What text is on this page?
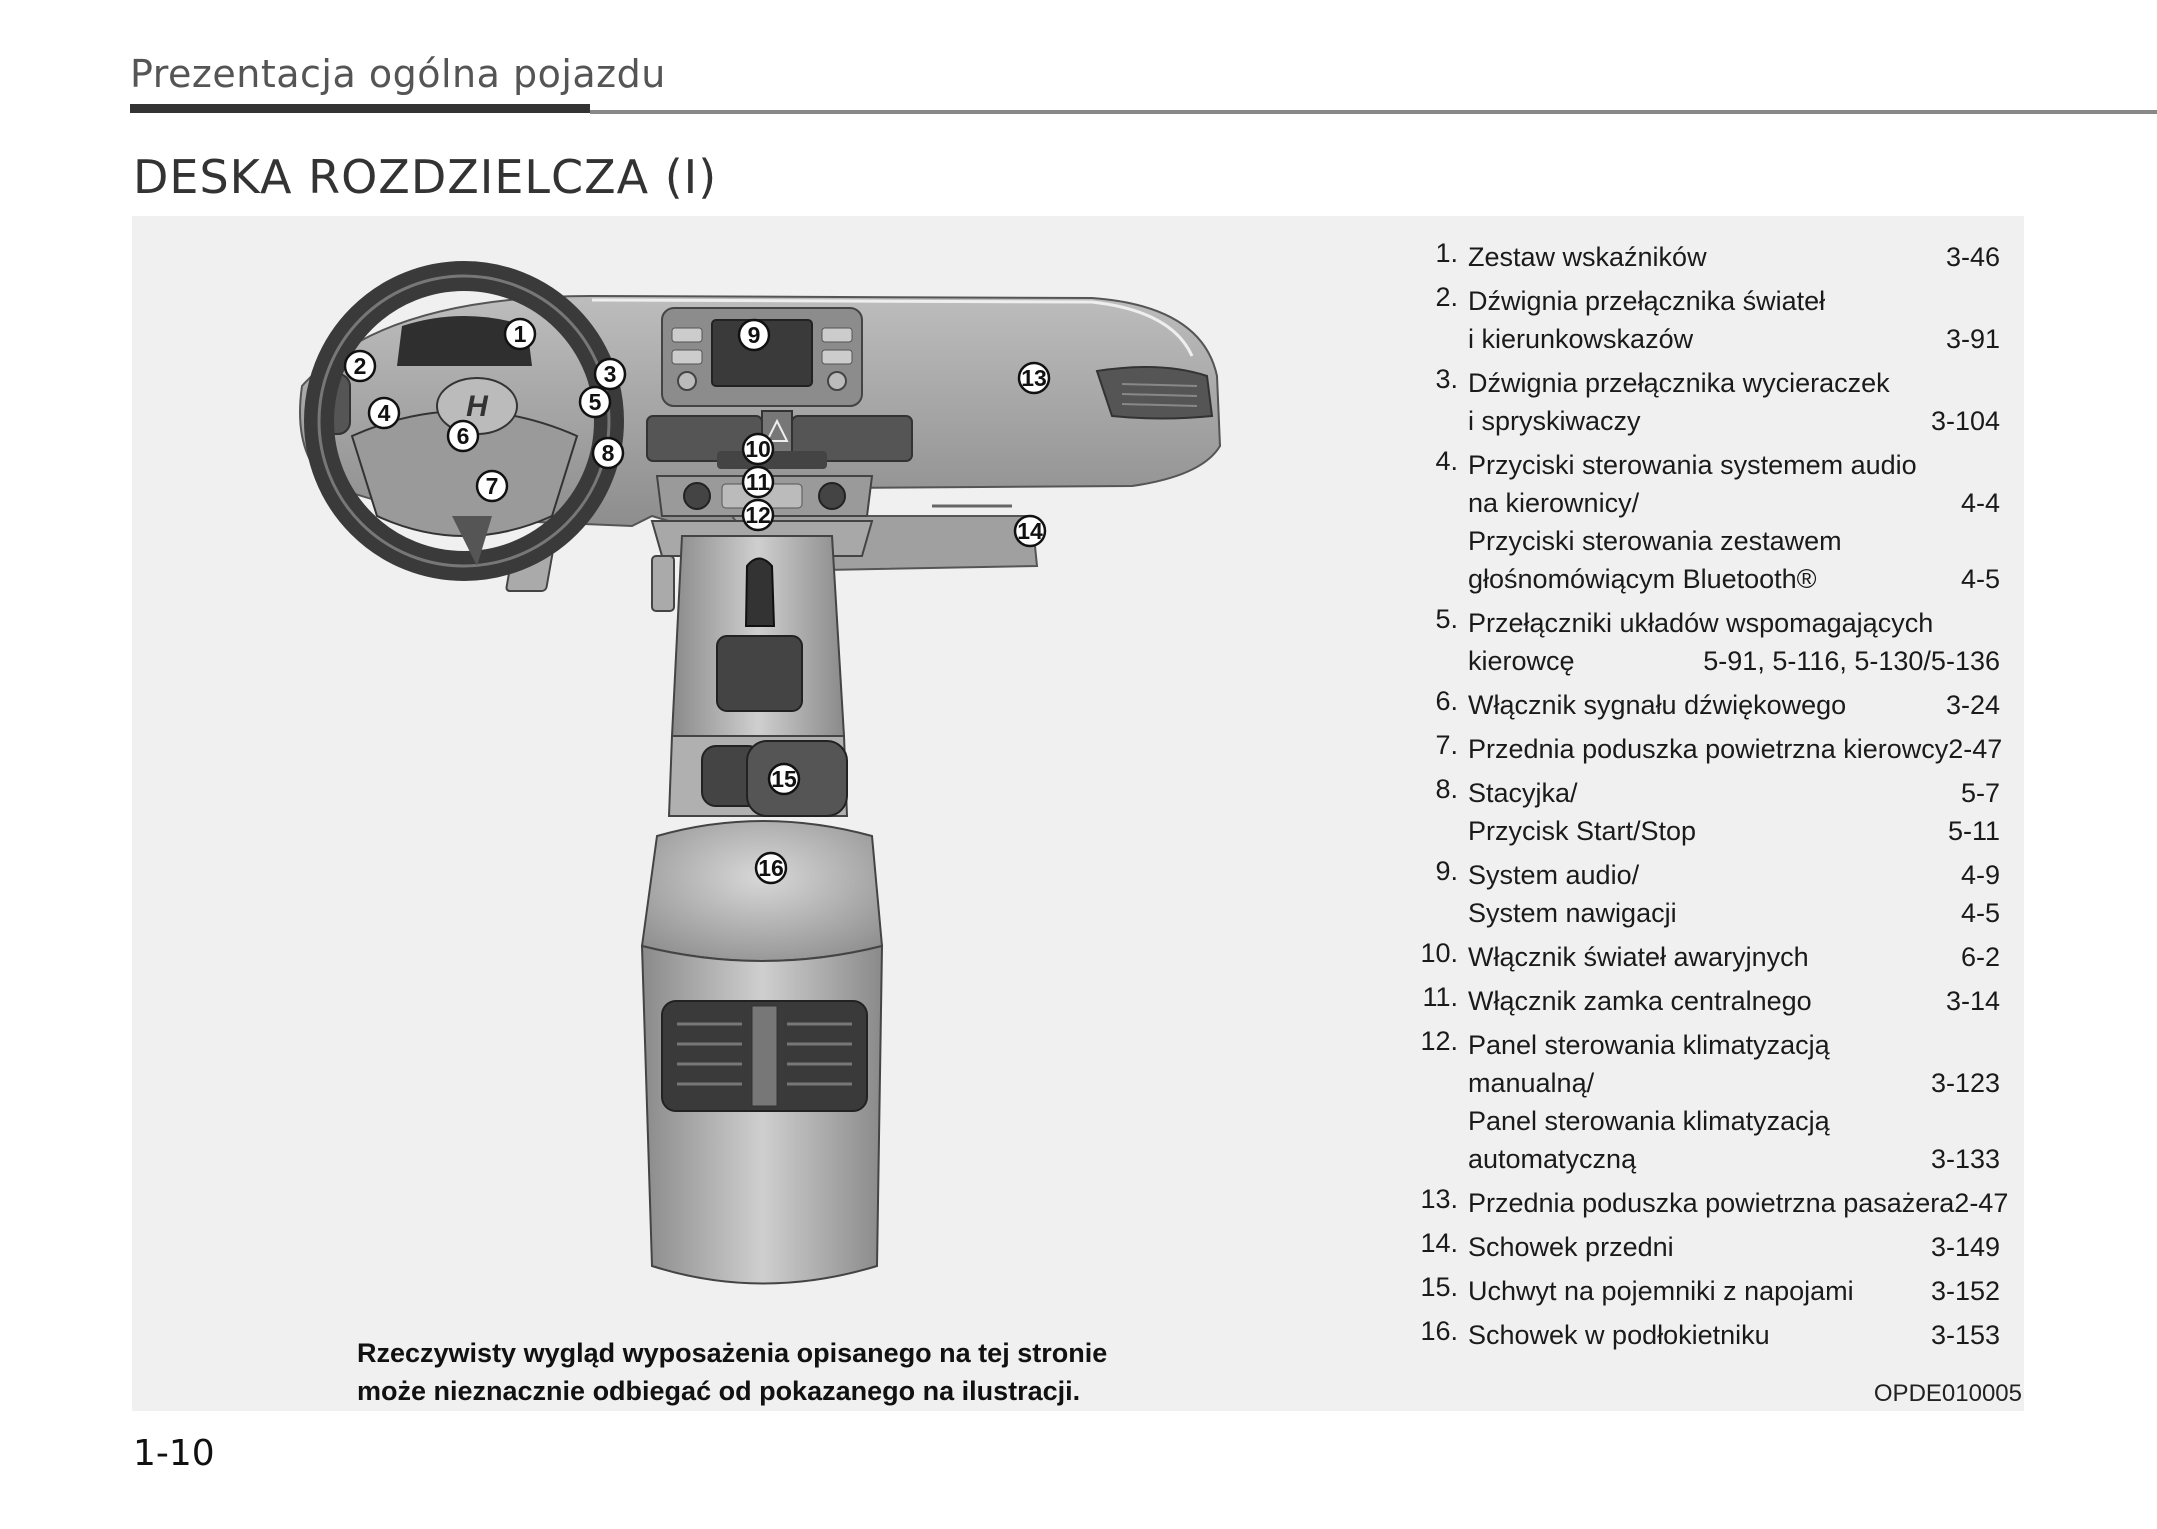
Prezentacja ogólna pojazdu
DESKA ROZDZIELCZA (I)
H
1
2	3
4	5
6
7
8
9
10
11
12
13
14
15
16
1. Zestaw wskaźników	3-46
2. Dźwignia przełącznika świateł
i kierunkowskazów	3-91
3. Dźwignia przełącznika wycieraczek
i spryskiwaczy	3-104
4. Przyciski sterowania systemem audio
na kierownicy/	4-4
Przyciski sterowania zestawem
głośnomówiącym Bluetooth®	4-5
5. Przełączniki układów wspomagających
kierowcę	5-91, 5-116, 5-130/5-136
6. Włącznik sygnału dźwiękowego	3-24
7. Przednia poduszka powietrzna kierowcy 2-47
8. Stacyjka/	5-7
Przycisk Start/Stop	5-11
9. System audio/	4-9
System nawigacji	4-5
10. Włącznik świateł awaryjnych	6-2
11. Włącznik zamka centralnego	3-14
12. Panel sterowania klimatyzacją
manualną/	3-123
Panel sterowania klimatyzacją
automatyczną	3-133
13. Przednia poduszka powietrzna pasażera 2-47
14. Schowek przedni	3-149
15. Uchwyt na pojemniki z napojami	3-152
16. Schowek w podłokietniku	3-153
Rzeczywisty wygląd wyposażenia opisanego na tej stronie
może nieznacznie odbiegać od pokazanego na ilustracji.	OPDE010005
1-10
